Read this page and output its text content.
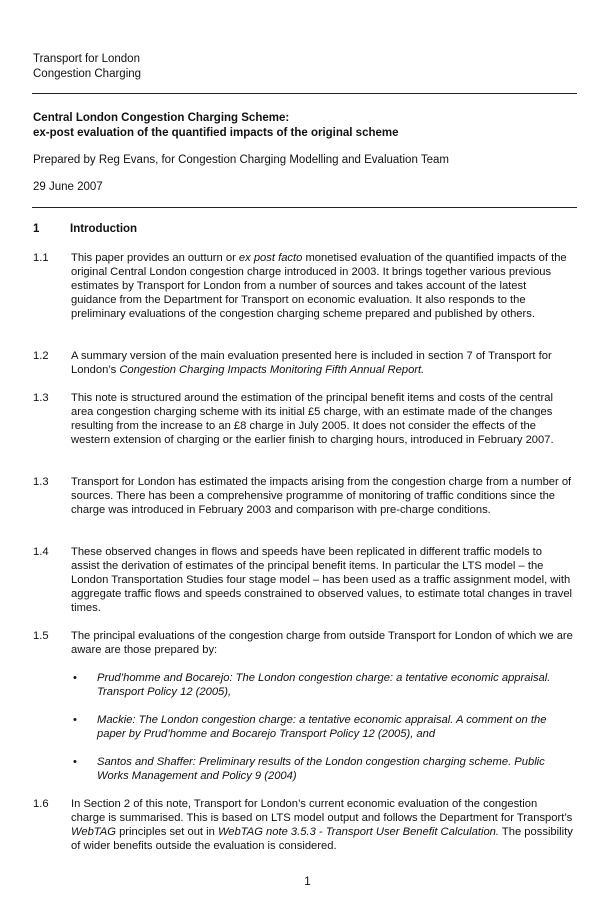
Transport for London
Congestion Charging
Central London Congestion Charging Scheme:
ex-post evaluation of the quantified impacts of the original scheme
Prepared by Reg Evans, for Congestion Charging Modelling and Evaluation Team
29 June 2007
1	Introduction
1.1 This paper provides an outturn or ex post facto monetised evaluation of the quantified impacts of the original Central London congestion charge introduced in 2003. It brings together various previous estimates by Transport for London from a number of sources and takes account of the latest guidance from the Department for Transport on economic evaluation. It also responds to the preliminary evaluations of the congestion charging scheme prepared and published by others.
1.2 A summary version of the main evaluation presented here is included in section 7 of Transport for London’s Congestion Charging Impacts Monitoring Fifth Annual Report.
1.3 This note is structured around the estimation of the principal benefit items and costs of the central area congestion charging scheme with its initial £5 charge, with an estimate made of the changes resulting from the increase to an £8 charge in July 2005. It does not consider the effects of the western extension of charging or the earlier finish to charging hours, introduced in February 2007.
1.3 Transport for London has estimated the impacts arising from the congestion charge from a number of sources. There has been a comprehensive programme of monitoring of traffic conditions since the charge was introduced in February 2003 and comparison with pre-charge conditions.
1.4 These observed changes in flows and speeds have been replicated in different traffic models to assist the derivation of estimates of the principal benefit items. In particular the LTS model – the London Transportation Studies four stage model – has been used as a traffic assignment model, with aggregate traffic flows and speeds constrained to observed values, to estimate total changes in travel times.
1.5 The principal evaluations of the congestion charge from outside Transport for London of which we are aware are those prepared by:
• Prud’homme and Bocarejo: The London congestion charge: a tentative economic appraisal. Transport Policy 12 (2005),
• Mackie: The London congestion charge: a tentative economic appraisal. A comment on the paper by Prud’homme and Bocarejo Transport Policy 12 (2005), and
• Santos and Shaffer: Preliminary results of the London congestion charging scheme. Public Works Management and Policy 9 (2004)
1.6 In Section 2 of this note, Transport for London’s current economic evaluation of the congestion charge is summarised. This is based on LTS model output and follows the Department for Transport’s WebTAG principles set out in WebTAG note 3.5.3 - Transport User Benefit Calculation. The possibility of wider benefits outside the evaluation is considered.
1
